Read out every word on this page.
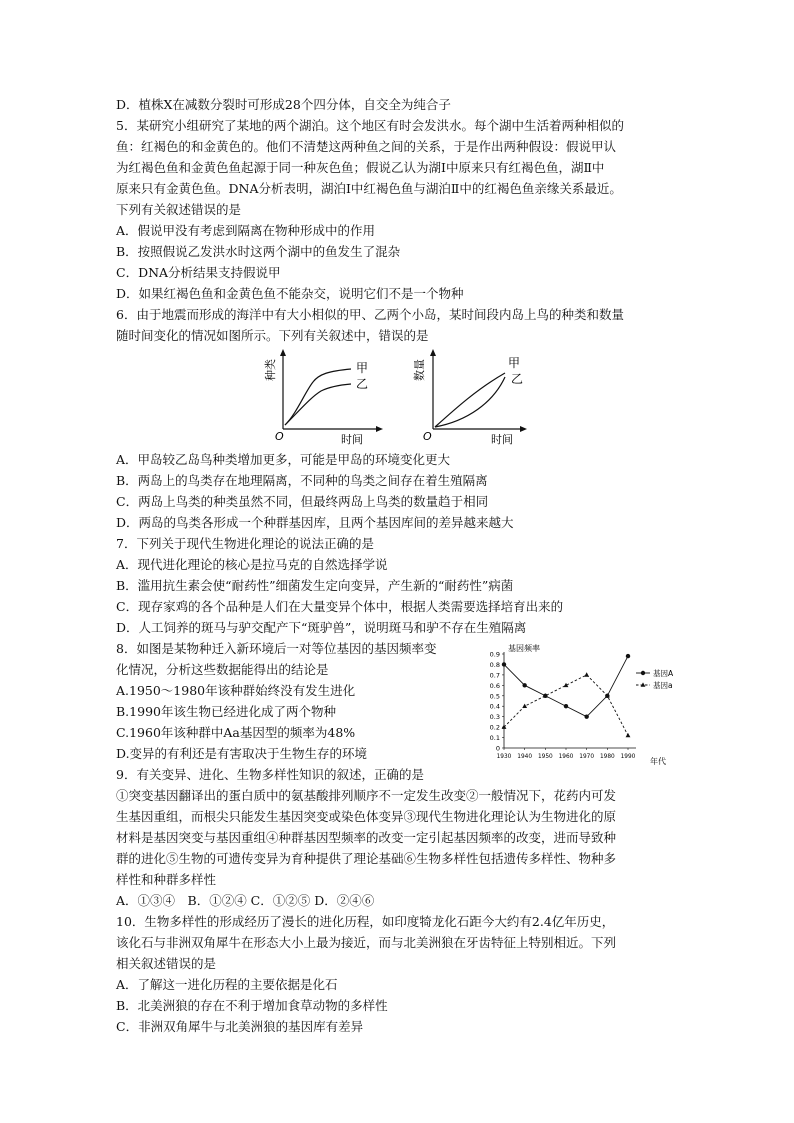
D．植株X在减数分裂时可形成28个四分体，自交全为纯合子
5．某研究小组研究了某地的两个湖泊。这个地区有时会发洪水。每个湖中生活着两种相似的
鱼：红褐色的和金黄色的。他们不清楚这两种鱼之间的关系，于是作出两种假设：假说甲认
为红褐色鱼和金黄色鱼起源于同一种灰色鱼；假说乙认为湖Ⅰ中原来只有红褐色鱼，湖Ⅱ中
原来只有金黄色鱼。DNA分析表明，湖泊Ⅰ中红褐色鱼与湖泊Ⅱ中的红褐色鱼亲缘关系最近。
下列有关叙述错误的是
A．假说甲没有考虑到隔离在物种形成中的作用
B．按照假说乙发洪水时这两个湖中的鱼发生了混杂
C．DNA分析结果支持假说甲
D．如果红褐色鱼和金黄色鱼不能杂交，说明它们不是一个物种
6．由于地震而形成的海洋中有大小相似的甲、乙两个小岛，某时间段内岛上鸟的种类和数量
随时间变化的情况如图所示。下列有关叙述中，错误的是
甲
乙
种类
O	时间
甲
乙
数量
O	时间
A．甲岛较乙岛鸟种类增加更多，可能是甲岛的环境变化更大
B．两岛上的鸟类存在地理隔离，不同种的鸟类之间存在着生殖隔离
C．两岛上鸟类的种类虽然不同，但最终两岛上鸟类的数量趋于相同
D．两岛的鸟类各形成一个种群基因库，且两个基因库间的差异越来越大
7．下列关于现代生物进化理论的说法正确的是
A．现代进化理论的核心是拉马克的自然选择学说
B．滥用抗生素会使“耐药性”细菌发生定向变异，产生新的“耐药性”病菌
C．现存家鸡的各个品种是人们在大量变异个体中，根据人类需要选择培育出来的
D．人工饲养的斑马与驴交配产下“斑驴兽”，说明斑马和驴不存在生殖隔离
8．如图是某物种迁入新环境后一对等位基因的基因频率变
化情况，分析这些数据能得出的结论是
A.1950～1980年该种群始终没有发生进化
B.1990年该生物已经进化成了两个物种
C.1960年该种群中Aa基因型的频率为48%
D.变异的有利还是有害取决于生物生存的环境
基因频率
0
0.1
0.2
0.3
0.4
0.5
0.6
0.7
0.8
0.9
1930 1940 1950 1960 1970 1980 1990
基因A
基因a
年代
9．有关变异、进化、生物多样性知识的叙述，正确的是
①突变基因翻译出的蛋白质中的氨基酸排列顺序不一定发生改变②一般情况下，花药内可发
生基因重组，而根尖只能发生基因突变或染色体变异③现代生物进化理论认为生物进化的原
材料是基因突变与基因重组④种群基因型频率的改变一定引起基因频率的改变，进而导致种
群的进化⑤生物的可遗传变异为育种提供了理论基础⑥生物多样性包括遗传多样性、物种多
样性和种群多样性
A．①③④　B．①②④ C．①②⑤ D．②④⑥
10．生物多样性的形成经历了漫长的进化历程，如印度犄龙化石距今大约有2.4亿年历史，
该化石与非洲双角犀牛在形态大小上最为接近，而与北美洲狼在牙齿特征上特别相近。下列
相关叙述错误的是
A．了解这一进化历程的主要依据是化石
B．北美洲狼的存在不利于增加食草动物的多样性
C．非洲双角犀牛与北美洲狼的基因库有差异
